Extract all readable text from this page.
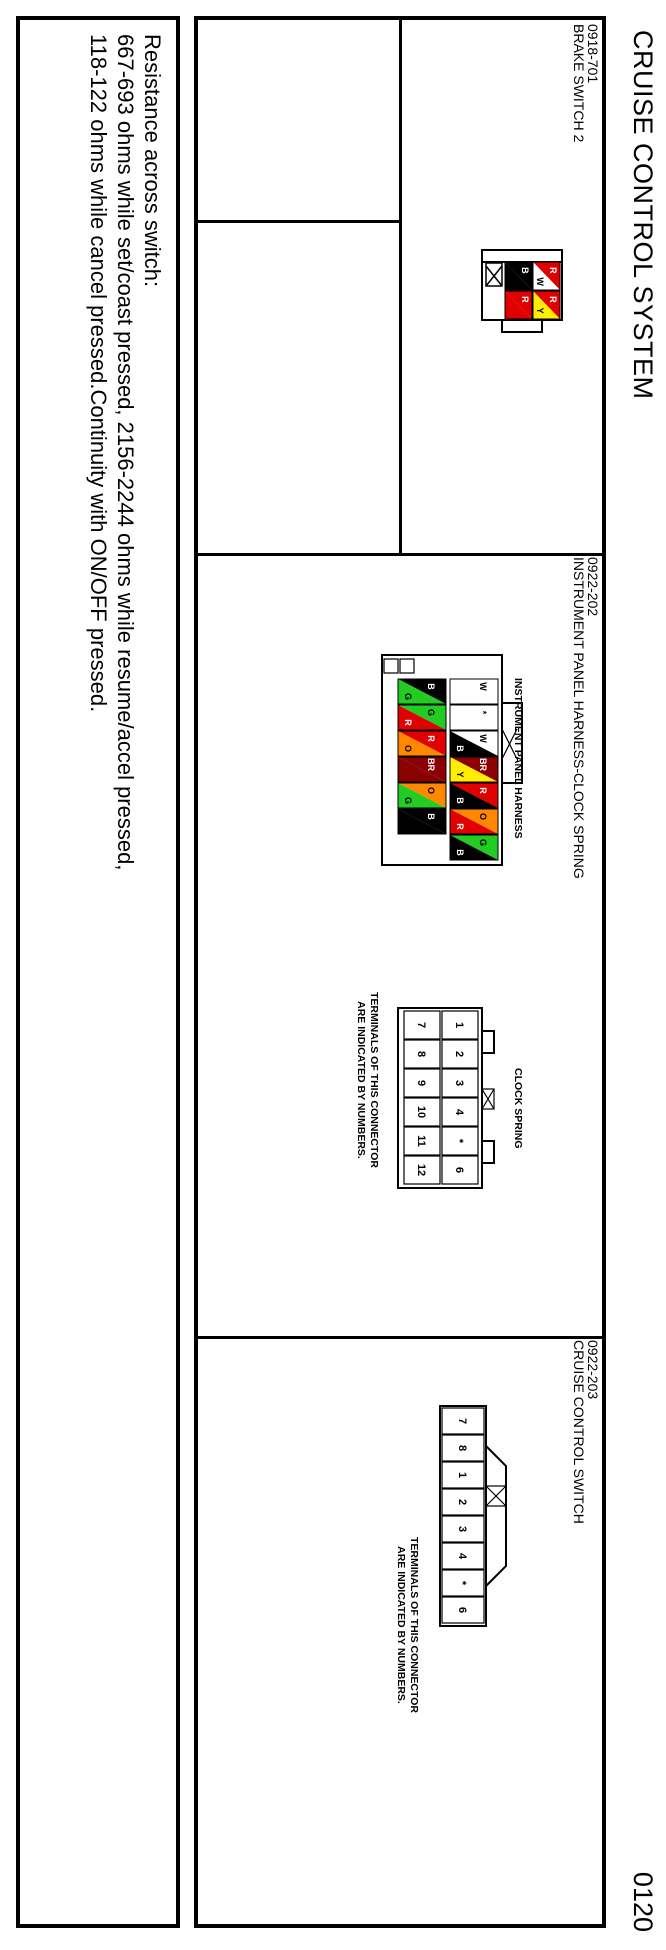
CRUISE CONTROL SYSTEM
0120
0918-701
BRAKE SWITCH 2
R
W
B
R
Y
R
0922-202
INSTRUMENT PANEL HARNESS-CLOCK SPRING
INSTRUMENT PANEL HARNESS
CLOCK SPRING
TERMINALS OF THIS CONNECTOR
ARE INDICATED BY NUMBERS.
W
*
W
B
BR
Y
R
B
O
R
G
B
B
G
G
R
R
O
BR
O
G
B
1
2
3
4
*
6
7
8
9
10
11
12
0922-203
CRUISE CONTROL SWITCH
TERMINALS OF THIS CONNECTOR
ARE INDICATED BY NUMBERS.
7
8
1
2
3
4
*
6
Resistance across switch:
667-693 ohms while set/coast pressed, 2156-2244 ohms while resume/accel pressed,
118-122 ohms while cancel pressed.Continuity with ON/OFF pressed.
